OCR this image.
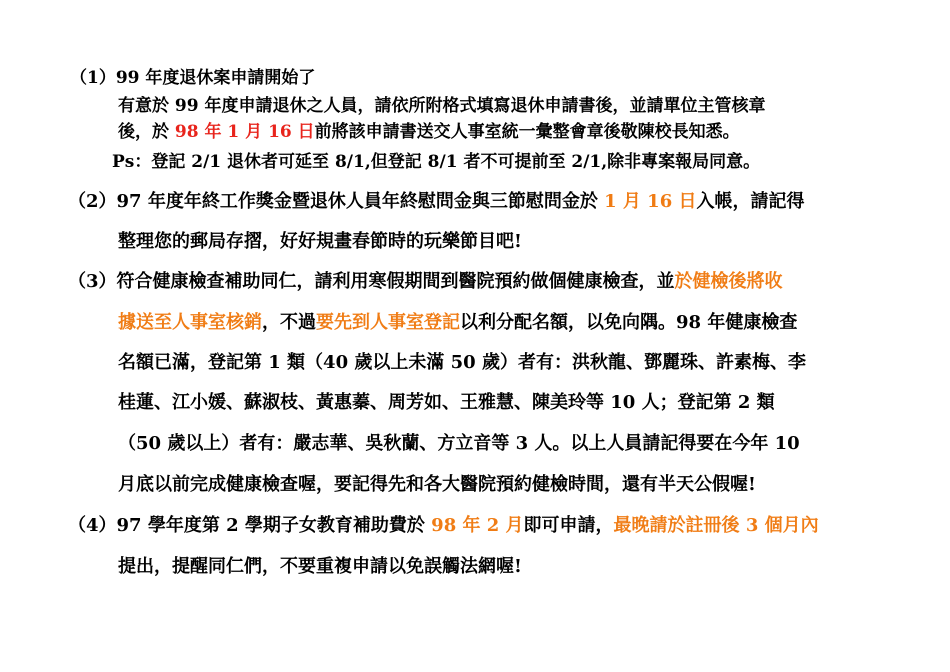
（1）99 年度退休案申請開始了
有意於 99 年度申請退休之人員，請依所附格式填寫退休申請書後，並請單位主管核章
後，於 98 年 1 月 16 日前將該申請書送交人事室統一彙整會章後敬陳校長知悉。
Ps：登記 2/1 退休者可延至 8/1,但登記 8/1 者不可提前至 2/1,除非專案報局同意。
（2）97 年度年終工作獎金暨退休人員年終慰問金與三節慰問金於 1 月 16 日入帳，請記得
整理您的郵局存摺，好好規畫春節時的玩樂節目吧!
（3）符合健康檢查補助同仁，請利用寒假期間到醫院預約做個健康檢查，並於健檢後將收
據送至人事室核銷，不過要先到人事室登記以利分配名額，以免向隅。98 年健康檢查
名額已滿，登記第 1 類（40 歲以上未滿 50 歲）者有：洪秋龍、鄧麗珠、許素梅、李
桂蓮、江小媛、蘇淑枝、黃惠蓁、周芳如、王雅慧、陳美玲等 10 人；登記第 2 類
（50 歲以上）者有：嚴志華、吳秋蘭、方立音等 3 人。以上人員請記得要在今年 10
月底以前完成健康檢查喔，要記得先和各大醫院預約健檢時間，還有半天公假喔!
（4）97 學年度第 2 學期子女教育補助費於 98 年 2 月即可申請，最晚請於註冊後 3 個月內
提出，提醒同仁們，不要重複申請以免誤觸法網喔!
